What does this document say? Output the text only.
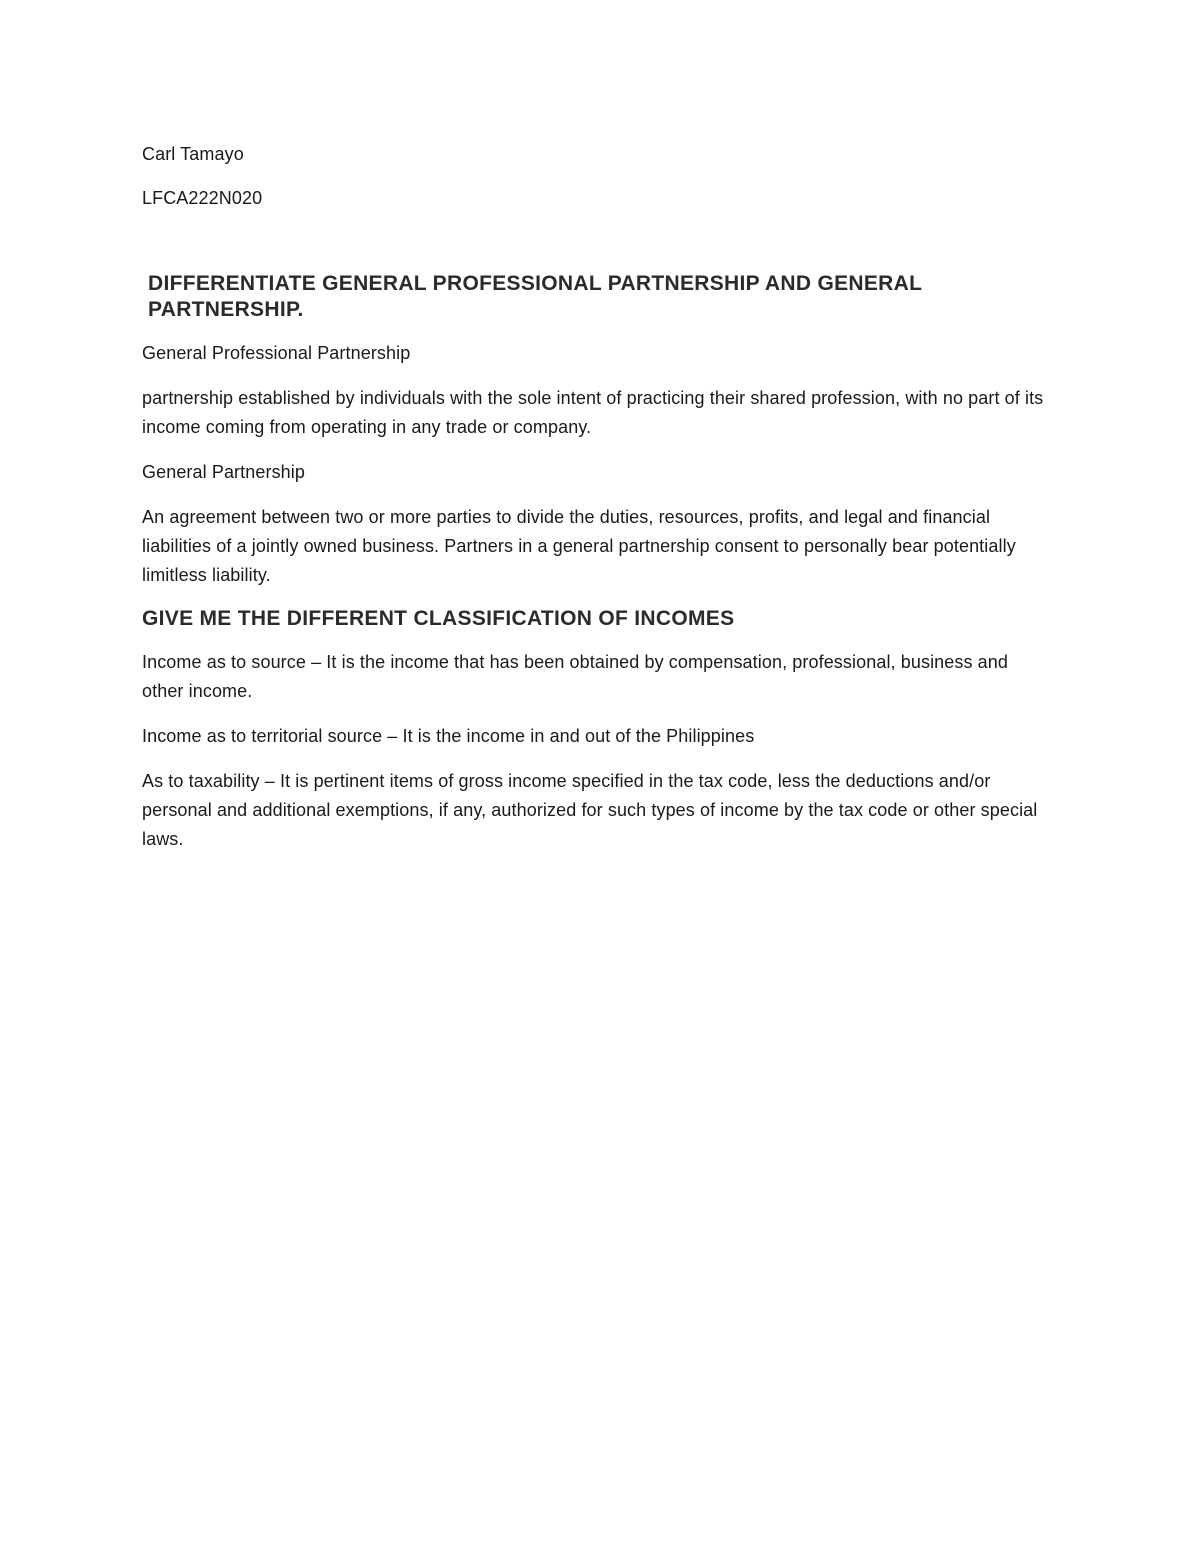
Carl Tamayo

LFCA222N020

DIFFERENTIATE GENERAL PROFESSIONAL PARTNERSHIP AND GENERAL PARTNERSHIP.

General Professional Partnership

partnership established by individuals with the sole intent of practicing their shared profession, with no part of its income coming from operating in any trade or company.

General Partnership

An agreement between two or more parties to divide the duties, resources, profits, and legal and financial liabilities of a jointly owned business. Partners in a general partnership consent to personally bear potentially limitless liability.

GIVE ME THE DIFFERENT CLASSIFICATION OF INCOMES

Income as to source – It is the income that has been obtained by compensation, professional, business and other income.

Income as to territorial source – It is the income in and out of the Philippines

As to taxability – It is pertinent items of gross income specified in the tax code, less the deductions and/or personal and additional exemptions, if any, authorized for such types of income by the tax code or other special laws.
